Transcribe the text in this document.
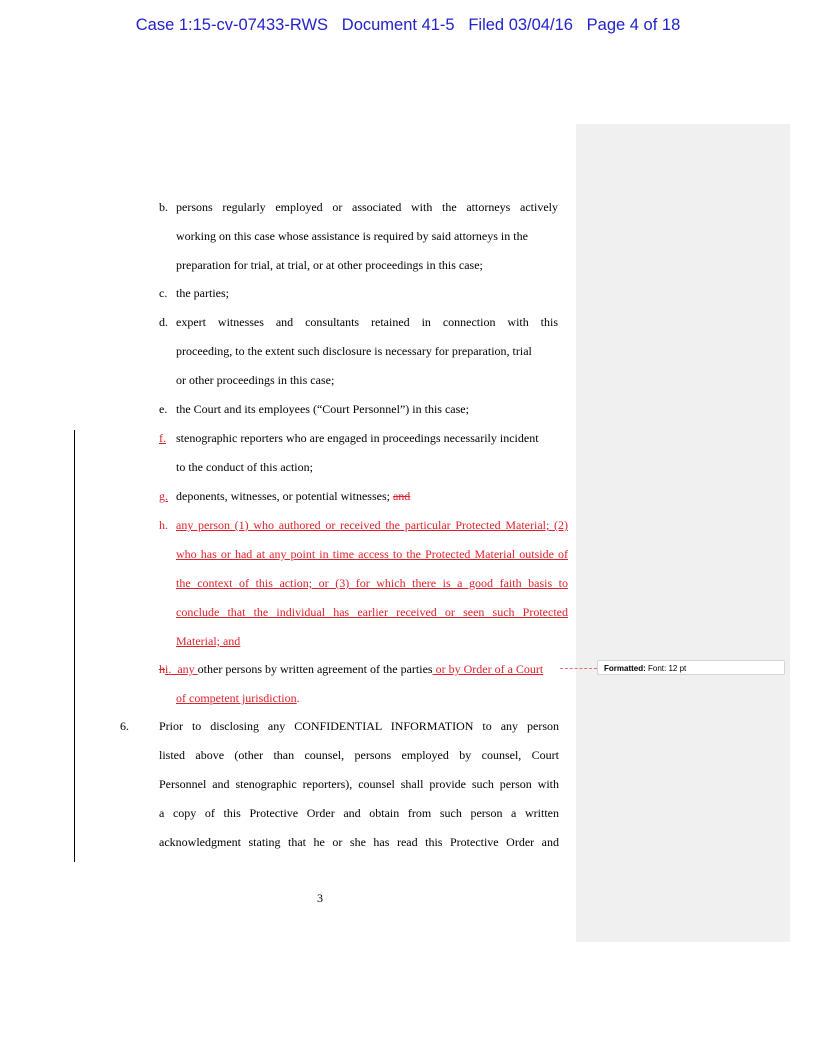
Case 1:15-cv-07433-RWS   Document 41-5   Filed 03/04/16   Page 4 of 18
Formatted: Font: 12 pt
b. persons regularly employed or associated with the attorneys actively
working on this case whose assistance is required by said attorneys in the
preparation for trial, at trial, or at other proceedings in this case;
c. the parties;
d. expert witnesses and consultants retained in connection with this
proceeding, to the extent such disclosure is necessary for preparation, trial
or other proceedings in this case;
e. the Court and its employees (“Court Personnel”) in this case;
f. stenographic reporters who are engaged in proceedings necessarily incident
to the conduct of this action;
g. deponents, witnesses, or potential witnesses; and
h. any person (1) who authored or received the particular Protected Material; (2)
who has or had at any point in time access to the Protected Material outside of
the context of this action; or (3) for which there is a good faith basis to
conclude that the individual has earlier received or seen such Protected
Material; and
hi. any other persons by written agreement of the parties or by Order of a Court
of competent jurisdiction.
6.	Prior to disclosing any CONFIDENTIAL INFORMATION to any person
listed above (other than counsel, persons employed by counsel, Court
Personnel and stenographic reporters), counsel shall provide such person with
a copy of this Protective Order and obtain from such person a written
acknowledgment stating that he or she has read this Protective Order and
3
